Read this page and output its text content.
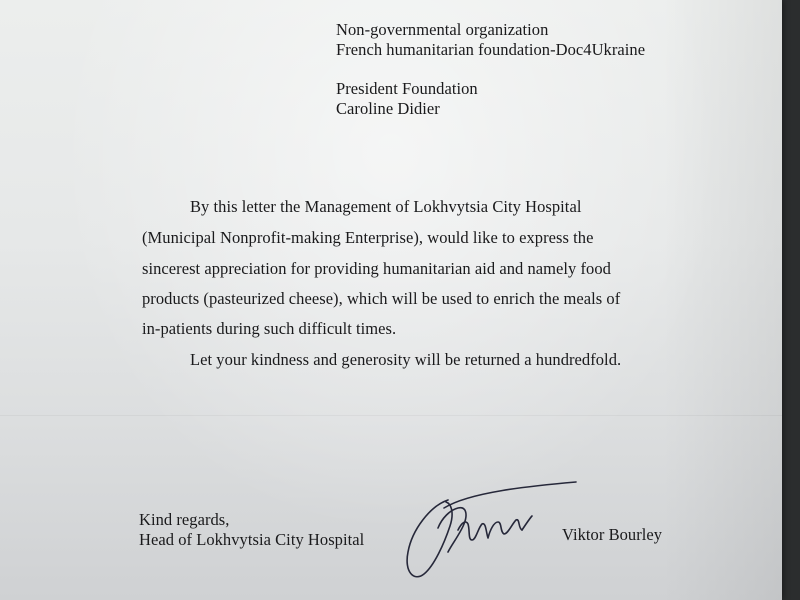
Non-governmental organization

French humanitarian foundation-Doc4Ukraine

President Foundation

Caroline Didier

By this letter the Management of Lokhvytsia City Hospital

(Municipal Nonprofit-making Enterprise), would like to express the

sincerest appreciation for providing humanitarian aid and namely food

products (pasteurized cheese), which will be used to enrich the meals of

in-patients during such difficult times.

Let your kindness and generosity will be returned a hundredfold.

Kind regards,

Head of Lokhvytsia City Hospital	Viktor Bourley
